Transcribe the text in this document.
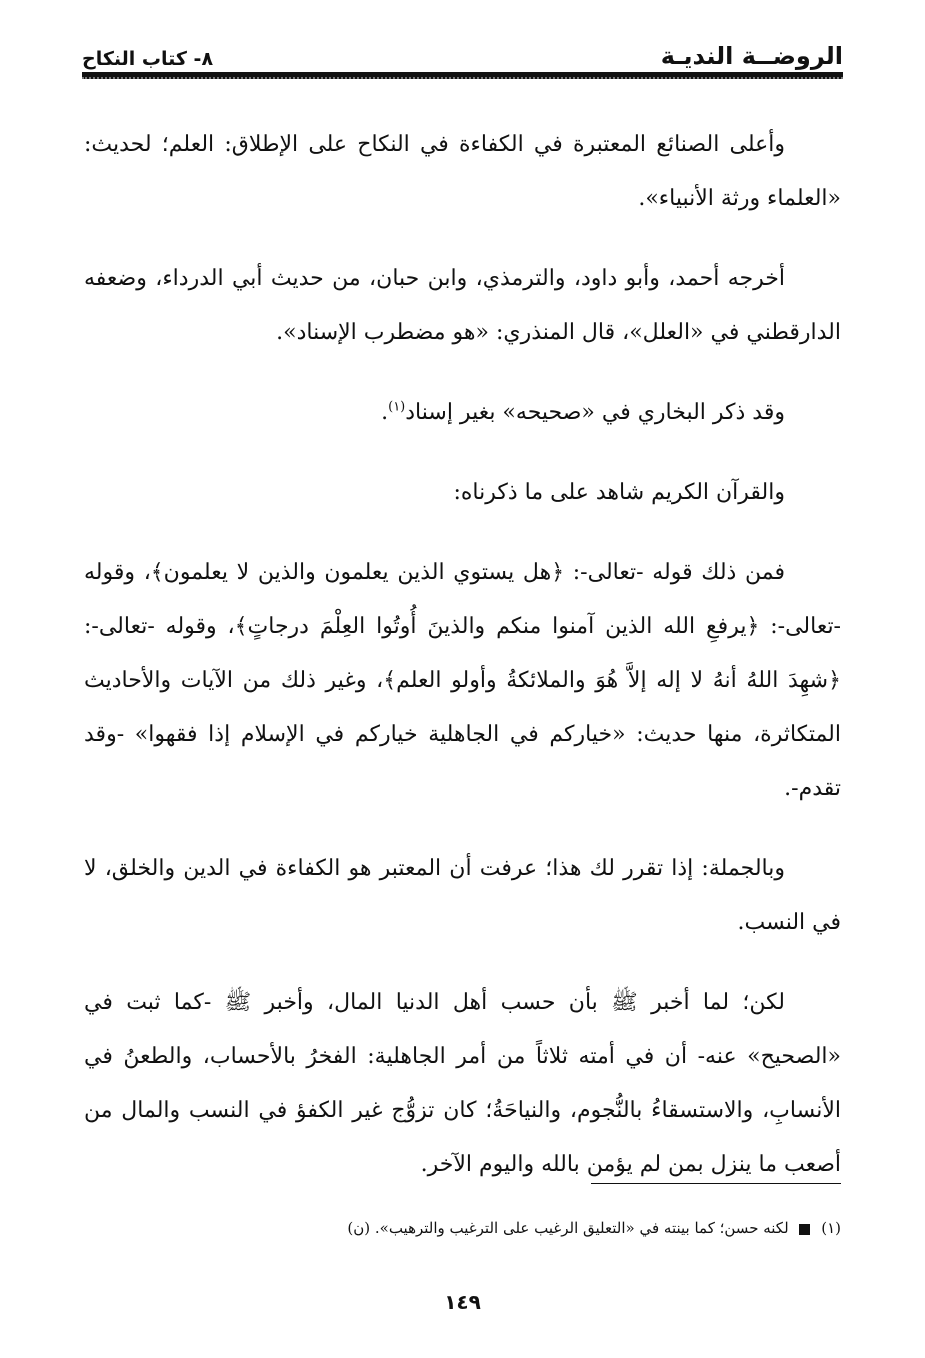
الروضــة النديـة
٨- كتاب النكاح

وأعلى الصنائع المعتبرة في الكفاءة في النكاح على الإطلاق: العلم؛ لحديث: «العلماء ورثة الأنبياء».

أخرجه أحمد، وأبو داود، والترمذي، وابن حبان، من حديث أبي الدرداء، وضعفه الدارقطني في «العلل»، قال المنذري: «هو مضطرب الإسناد».

وقد ذكر البخاري في «صحيحه» بغير إسناد$^{(١)}$.

والقرآن الكريم شاهد على ما ذكرناه:

فمن ذلك قوله -تعالى-: ﴿هل يستوي الذين يعلمون والذين لا يعلمون﴾، وقوله -تعالى-: ﴿يرفعِ الله الذين آمنوا منكم والذينَ أُوتُوا العِلْمَ درجاتٍ﴾، وقوله -تعالى-: ﴿شهِدَ اللهُ أنهُ لا إله إلاَّ هُوَ والملائكةُ وأولو العلم﴾، وغير ذلك من الآيات والأحاديث المتكاثرة، منها حديث: «خياركم في الجاهلية خياركم في الإسلام إذا فقهوا» -وقد تقدم-.

وبالجملة: إذا تقرر لك هذا؛ عرفت أن المعتبر هو الكفاءة في الدين والخلق، لا في النسب.

لكن؛ لما أخبر ﷺ بأن حسب أهل الدنيا المال، وأخبر ﷺ -كما ثبت في «الصحيح» عنه- أن في أمته ثلاثاً من أمر الجاهلية: الفخرُ بالأحساب، والطعنُ في الأنسابِ، والاستسقاءُ بالنُّجوم، والنياحَةُ؛ كان تزوُّج غير الكفؤ في النسب والمال من أصعب ما ينزل بمن لم يؤمن بالله واليوم الآخر.

(١)  لكنه حسن؛ كما بينته في «التعليق الرغيب على الترغيب والترهيب». (ن)
١٤٩
